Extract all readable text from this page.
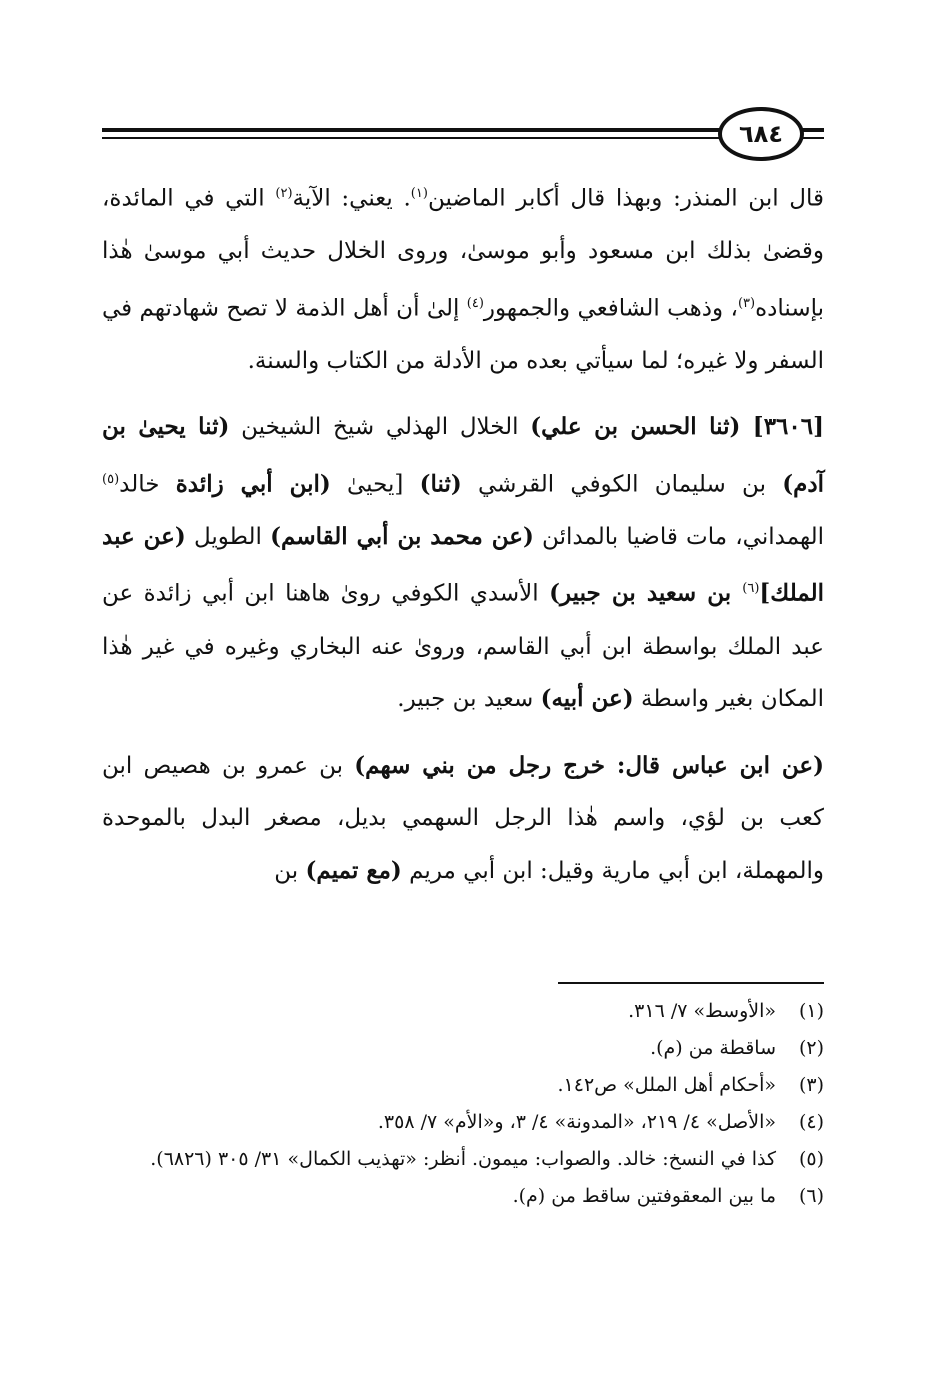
٦٨٤

قال ابن المنذر: وبهذا قال أكابر الماضين$^{(١)}$. يعني: الآية$^{(٢)}$ التي في المائدة، وقضىٰ بذلك ابن مسعود وأبو موسىٰ، وروى الخلال حديث أبي موسىٰ هٰذا بإسناده$^{(٣)}$، وذهب الشافعي والجمهور$^{(٤)}$ إلىٰ أن أهل الذمة لا تصح شهادتهم في السفر ولا غيره؛ لما سيأتي بعده من الأدلة من الكتاب والسنة.

[٣٦٠٦] (ثنا الحسن بن علي) الخلال الهذلي شيخ الشيخين (ثنا يحيىٰ بن آدم) بن سليمان الكوفي القرشي (ثنا) [يحيىٰ (ابن أبي زائدة خالد$^{(٥)}$ الهمداني، مات قاضيا بالمدائن (عن محمد بن أبي القاسم) الطويل (عن عبد الملك]$^{(٦)}$ بن سعيد بن جبير) الأسدي الكوفي روىٰ هاهنا ابن أبي زائدة عن عبد الملك بواسطة ابن أبي القاسم، وروىٰ عنه البخاري وغيره في غير هٰذا المكان بغير واسطة (عن أبيه) سعيد بن جبير.

(عن ابن عباس قال: خرج رجل من بني سهم) بن عمرو بن هصيص ابن كعب بن لؤي، واسم هٰذا الرجل السهمي بديل، مصغر البدل بالموحدة والمهملة، ابن أبي مارية وقيل: ابن أبي مريم (مع تميم) بن

(١)
«الأوسط» ٧/ ٣١٦.
(٢)
ساقطة من (م).
(٣)
«أحكام أهل الملل» ص١٤٢.
(٤)
«الأصل» ٤/ ٢١٩، «المدونة» ٤/ ٣، و«الأم» ٧/ ٣٥٨.
(٥)
كذا في النسخ: خالد. والصواب: ميمون. أنظر: «تهذيب الكمال» ٣١/ ٣٠٥ (٦٨٢٦).
(٦)
ما بين المعقوفتين ساقط من (م).
